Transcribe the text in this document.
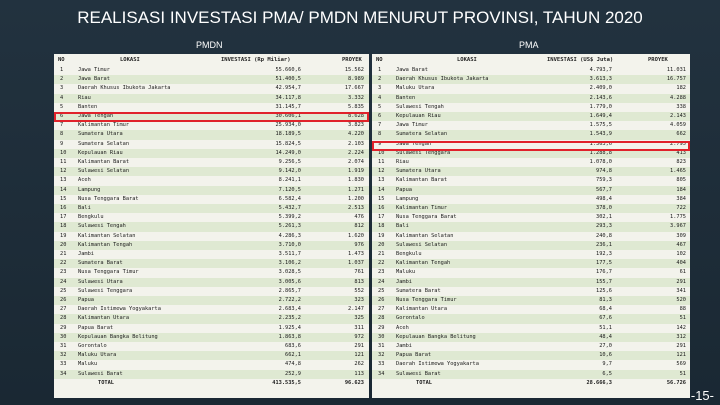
REALISASI INVESTASI PMA/ PMDN MENURUT PROVINSI, TAHUN 2020
PMDN	PMA
NO	LOKASI	INVESTASI (Rp Miliar)	PROYEK
1	Jawa Timur	55.660,6	15.562
2	Jawa Barat	51.400,5	8.989
3	Daerah Khusus Ibukota Jakarta	42.954,7	17.667
4	Riau	34.117,8	3.332
5	Banten	31.145,7	5.835
6	Jawa Tengah	30.606,1	8.628
7	Kalimantan Timur	25.934,0	3.823
8	Sumatera Utara	18.189,5	4.220
9	Sumatera Selatan	15.824,5	2.103
10 Kepulauan Riau	14.249,0	2.224
11 Kalimantan Barat	9.256,5	2.074
12 Sulawesi Selatan	9.142,0	1.919
13 Aceh	8.241,1	1.830
14 Lampung	7.120,5	1.271
15 Nusa Tenggara Barat	6.582,4	1.200
16 Bali	5.432,7	2.513
17 Bengkulu	5.399,2	476
18 Sulawesi Tengah	5.261,3	812
19 Kalimantan Selatan	4.286,3	1.620
20 Kalimantan Tengah	3.710,0	976
21 Jambi	3.511,7	1.473
22 Sumatera Barat	3.106,2	1.037
23 Nusa Tenggara Timur	3.028,5	761
24 Sulawesi Utara	3.005,6	813
25 Sulawesi Tenggara	2.865,7	552
26 Papua	2.722,2	323
27 Daerah Istimewa Yogyakarta	2.683,4	2.147
28 Kalimantan Utara	2.235,2	325
29 Papua Barat	1.925,4	311
30 Kepulauan Bangka Belitung	1.863,8	972
31 Gorontalo	683,6	291
32 Maluku Utara	662,1	121
33 Maluku	474,8	262
34 Sulawesi Barat	252,9	113
TOTAL	413.535,5	96.623
NO	LOKASI	INVESTASI (US$ Juta)	PROYEK
1	Jawa Barat	4.793,7	11.031
2	Daerah Khusus Ibukota Jakarta	3.613,3	16.757
3	Maluku Utara	2.409,0	182
4	Banten	2.143,6	4.288
5	Sulawesi Tengah	1.779,0	338
6	Kepulauan Riau	1.649,4	2.143
7	Jawa Timur	1.575,5	4.059
8	Sumatera Selatan	1.543,9	662
9	Jawa Tengah	1.363,6	2.795
10 Sulawesi Tenggara	1.288,8	413
11 Riau	1.078,0	823
12 Sumatera Utara	974,8	1.465
13 Kalimantan Barat	759,3	805
14 Papua	567,7	184
15 Lampung	498,4	384
16 Kalimantan Timur	378,0	722
17 Nusa Tenggara Barat	302,1	1.775
18 Bali	293,3	3.967
19 Kalimantan Selatan	240,8	309
20 Sulawesi Selatan	236,1	467
21 Bengkulu	192,3	102
22 Kalimantan Tengah	177,5	404
23 Maluku	176,7	61
24 Jambi	155,7	291
25 Sumatera Barat	125,6	341
26 Nusa Tenggara Timur	81,3	520
27 Kalimantan Utara	68,4	88
28 Gorontalo	67,6	51
29 Aceh	51,1	142
30 Kepulauan Bangka Belitung	48,4	312
31 Jambi	27,0	291
32 Papua Barat	10,6	121
33 Daerah Istimewa Yogyakarta	9,7	569
34 Sulawesi Barat	6,5	51
TOTAL	28.666,3	56.726
-15-
